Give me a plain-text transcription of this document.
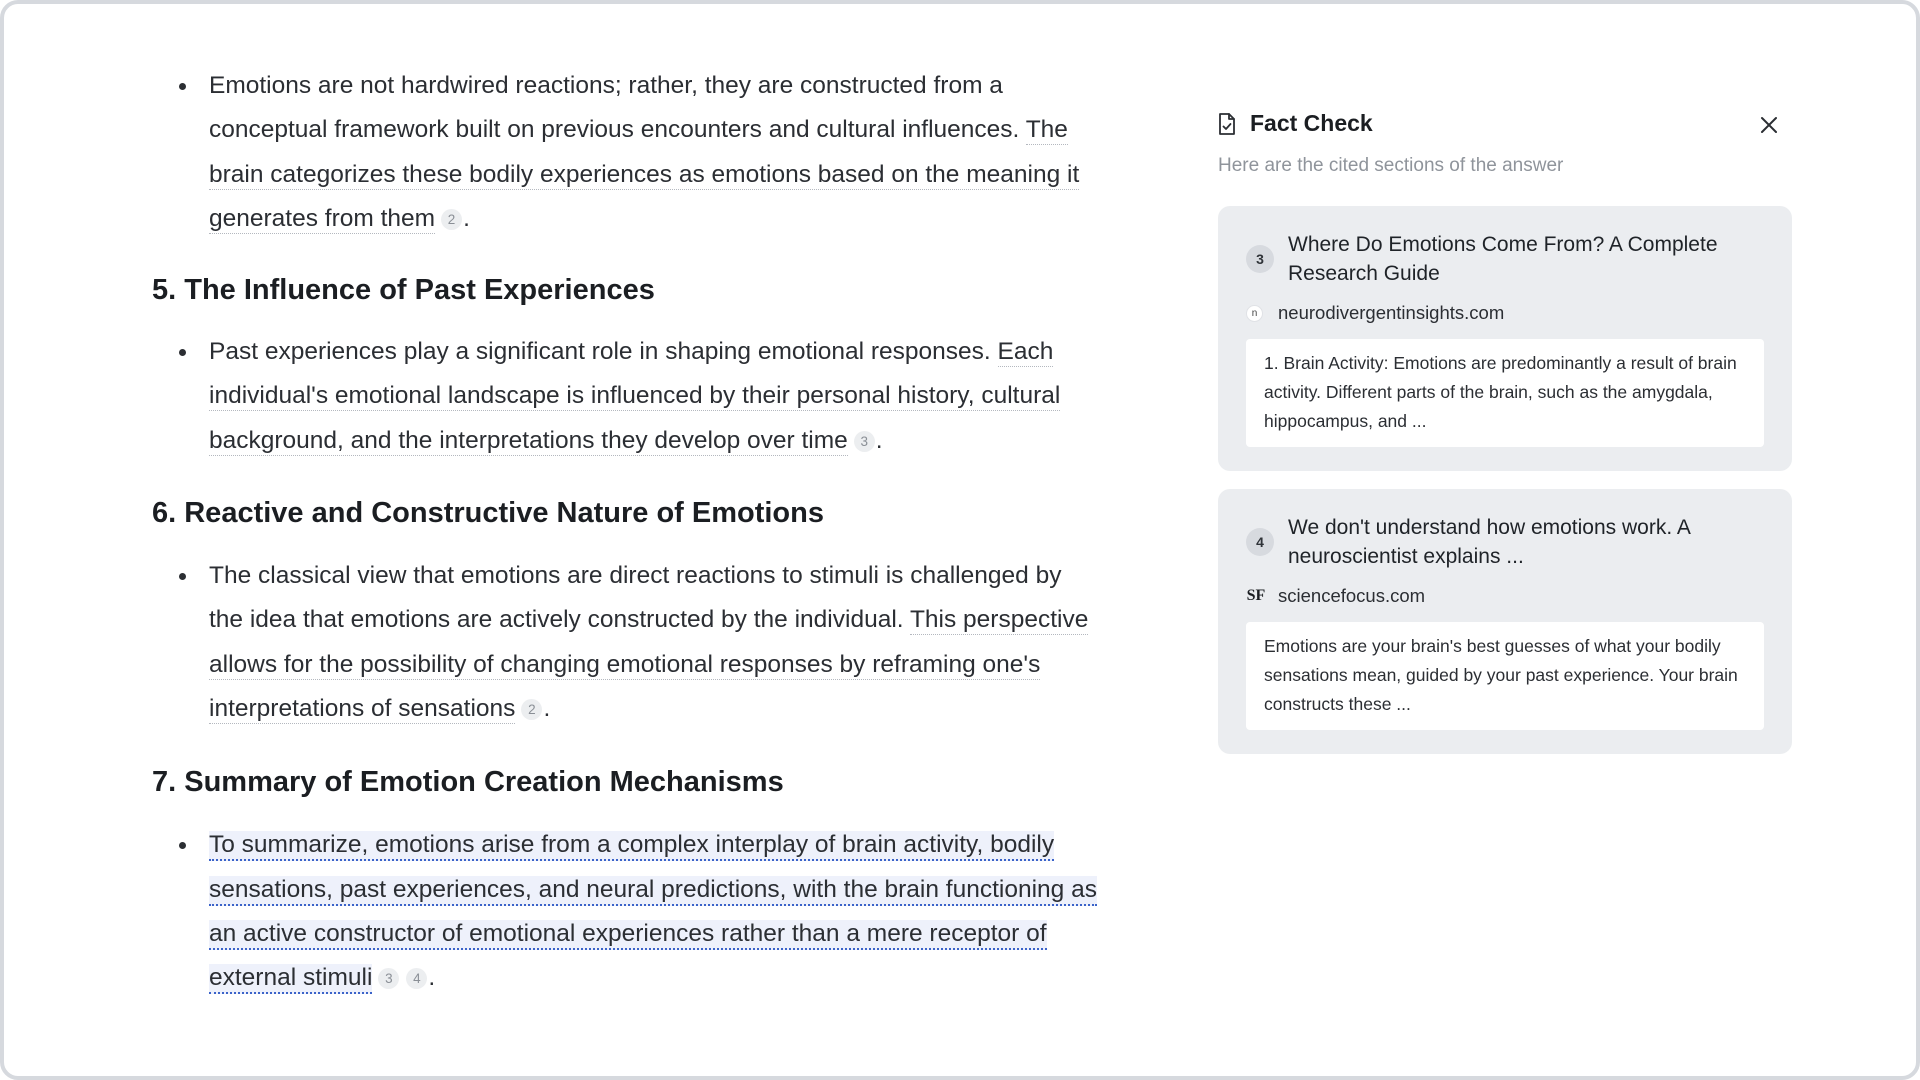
Emotions are not hardwired reactions; rather, they are constructed from a conceptual framework built on previous encounters and cultural influences. The brain categorizes these bodily experiences as emotions based on the meaning it generates from them 2 .
5. The Influence of Past Experiences
Past experiences play a significant role in shaping emotional responses. Each individual's emotional landscape is influenced by their personal history, cultural background, and the interpretations they develop over time 3 .
6. Reactive and Constructive Nature of Emotions
The classical view that emotions are direct reactions to stimuli is challenged by the idea that emotions are actively constructed by the individual. This perspective allows for the possibility of changing emotional responses by reframing one's interpretations of sensations 2 .
7. Summary of Emotion Creation Mechanisms
To summarize, emotions arise from a complex interplay of brain activity, bodily sensations, past experiences, and neural predictions, with the brain functioning as an active constructor of emotional experiences rather than a mere receptor of external stimuli 3 4 .
Fact Check
Here are the cited sections of the answer
3
Where Do Emotions Come From? A Complete Research Guide
n	neurodivergentinsights.com
1. Brain Activity: Emotions are predominantly a result of brain activity. Different parts of the brain, such as the amygdala, hippocampus, and ...
4
We don't understand how emotions work. A neuroscientist explains ...
SF sciencefocus.com
Emotions are your brain's best guesses of what your bodily sensations mean, guided by your past experience. Your brain constructs these ...
